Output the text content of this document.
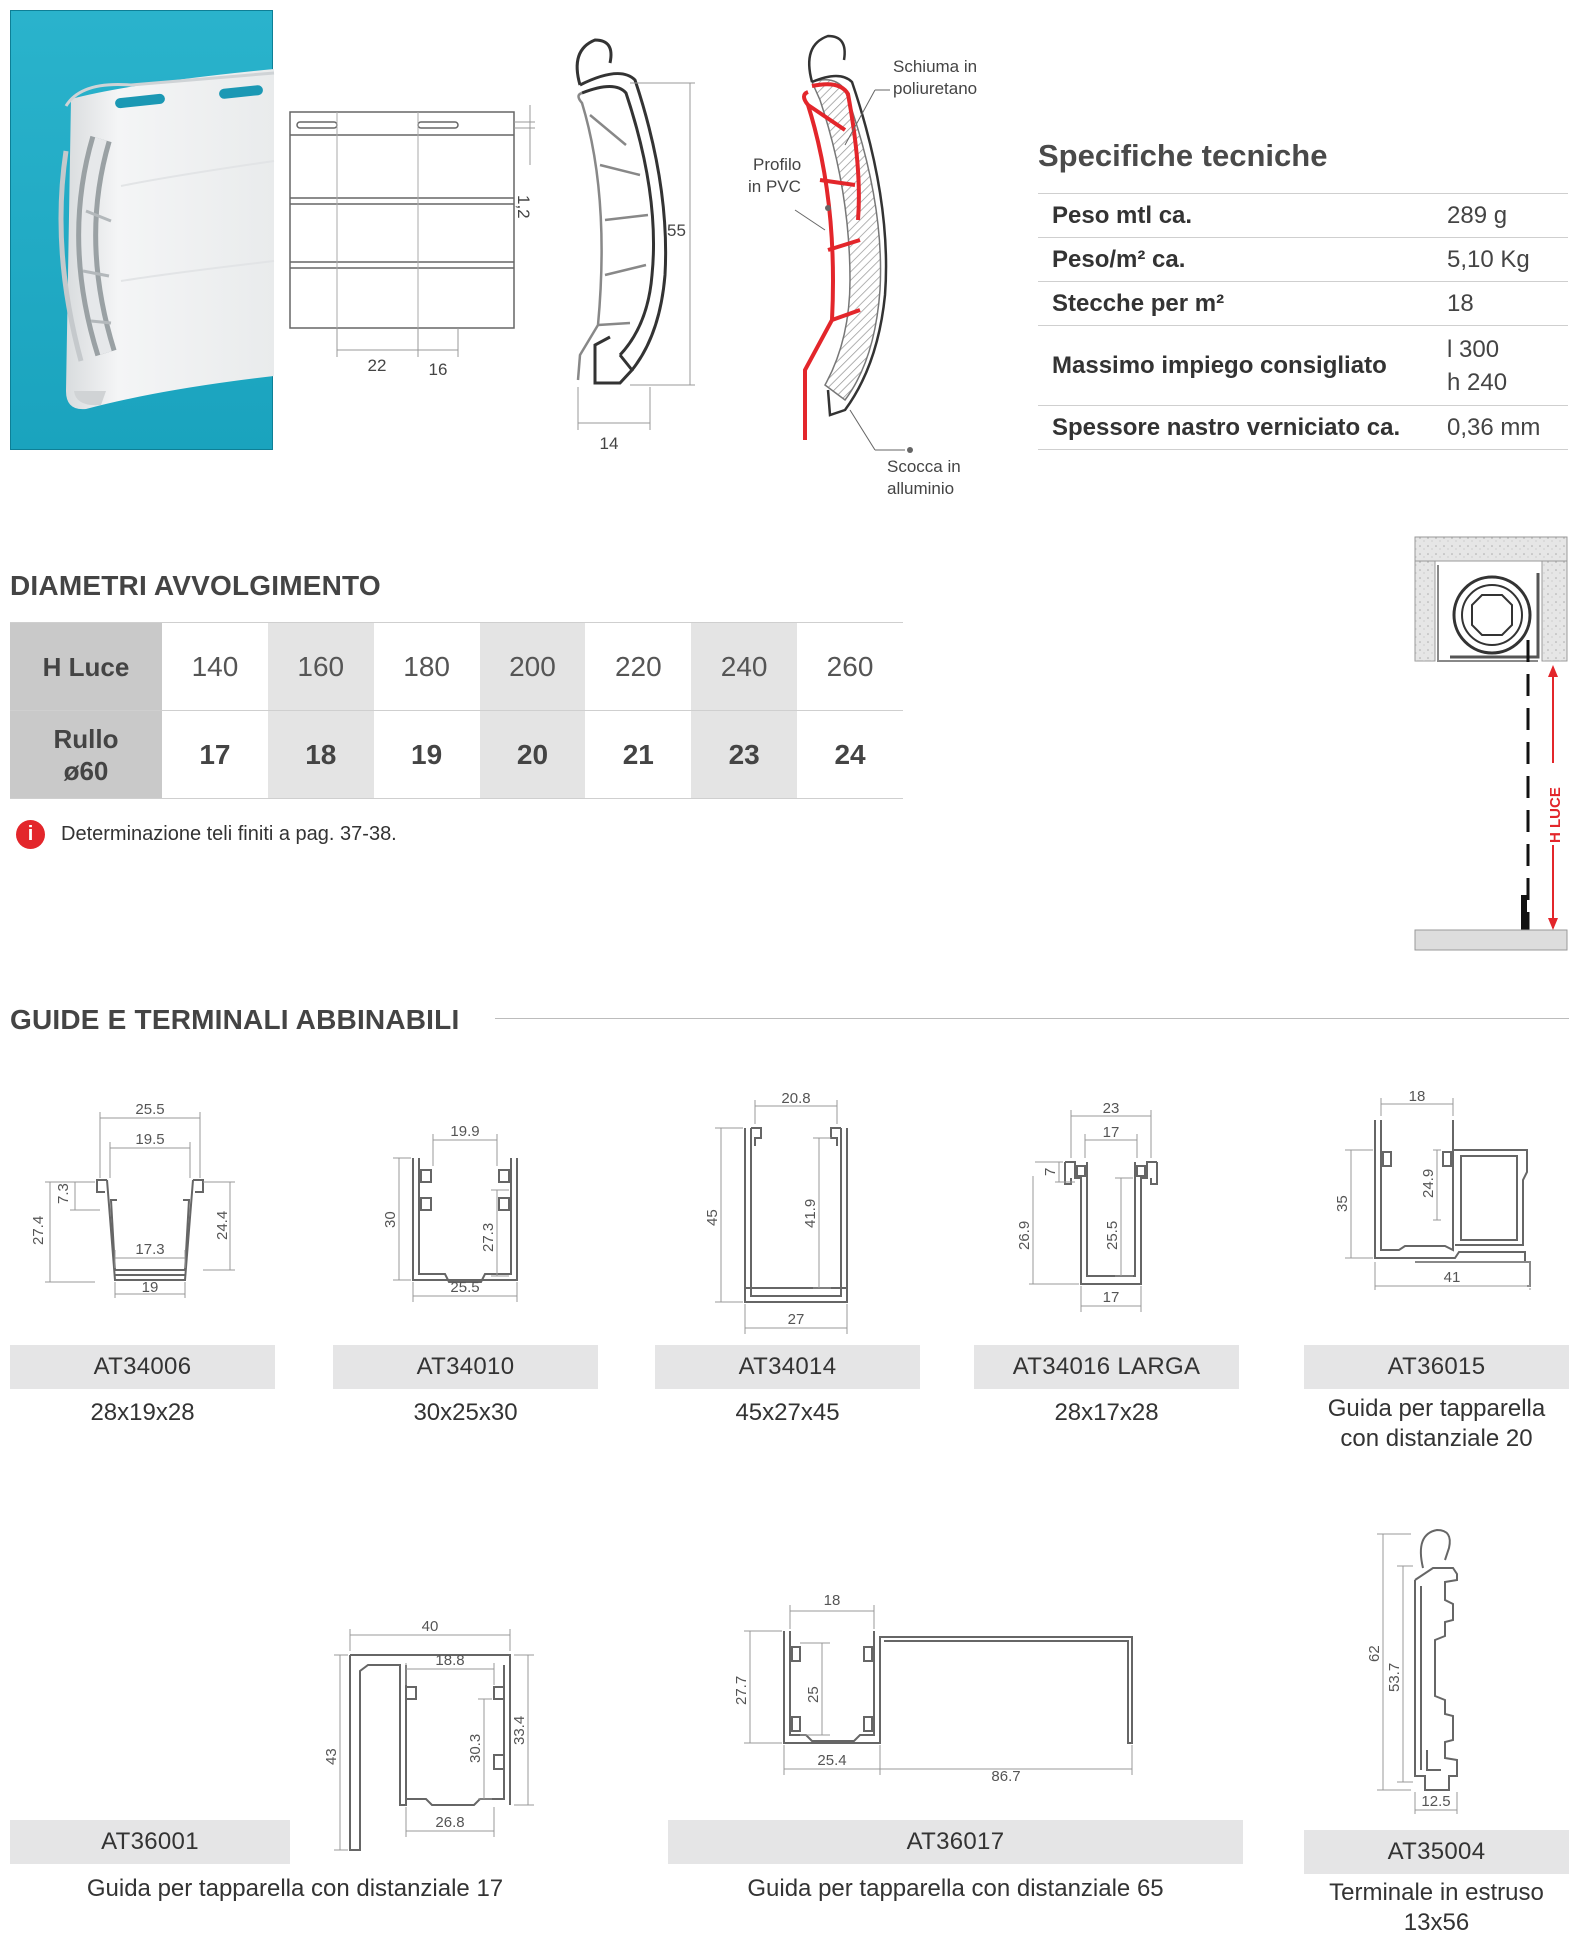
22 16
1,2
55
14
Schiuma in
poliuretano
Profilo
in PVC
Scocca in
alluminio
Specifiche tecniche
Peso mtl ca.	289 g
Peso/m² ca.	5,10 Kg
Stecche per m²	18
Massimo impiego consigliato	l 300
h 240

Spessore nastro verniciato ca.	0,36 mm
DIAMETRI AVVOLGIMENTO
H Luce	140	160	180	200	220	240	260

Rullo
ø60	17	18	19	20	21	23	24
i	Determinazione teli finiti a pag. 37-38.	H LUCE
GUIDE E TERMINALI ABBINABILI
25.5
19.5
7.3
27.4	24.4
17.3
19
19.9
30
27.3
25.5
20.8
45	41.9
27
23
17
7
26.9	25.5
17
18
35
24.9
41
AT34006	AT34010	AT34014	AT34016 LARGA	AT36015
28x19x28	30x25x30	45x27x45	28x17x28	Guida per tapparella
con distanziale 20
40
18.8
43	30.3
33.4
26.8
18
27.7	25
25.4
86.7
62
53.7
12.5
AT36001	AT36017	AT35004
Guida per tapparella con distanziale 17	Guida per tapparella con distanziale 65	Terminale in estruso
13x56
